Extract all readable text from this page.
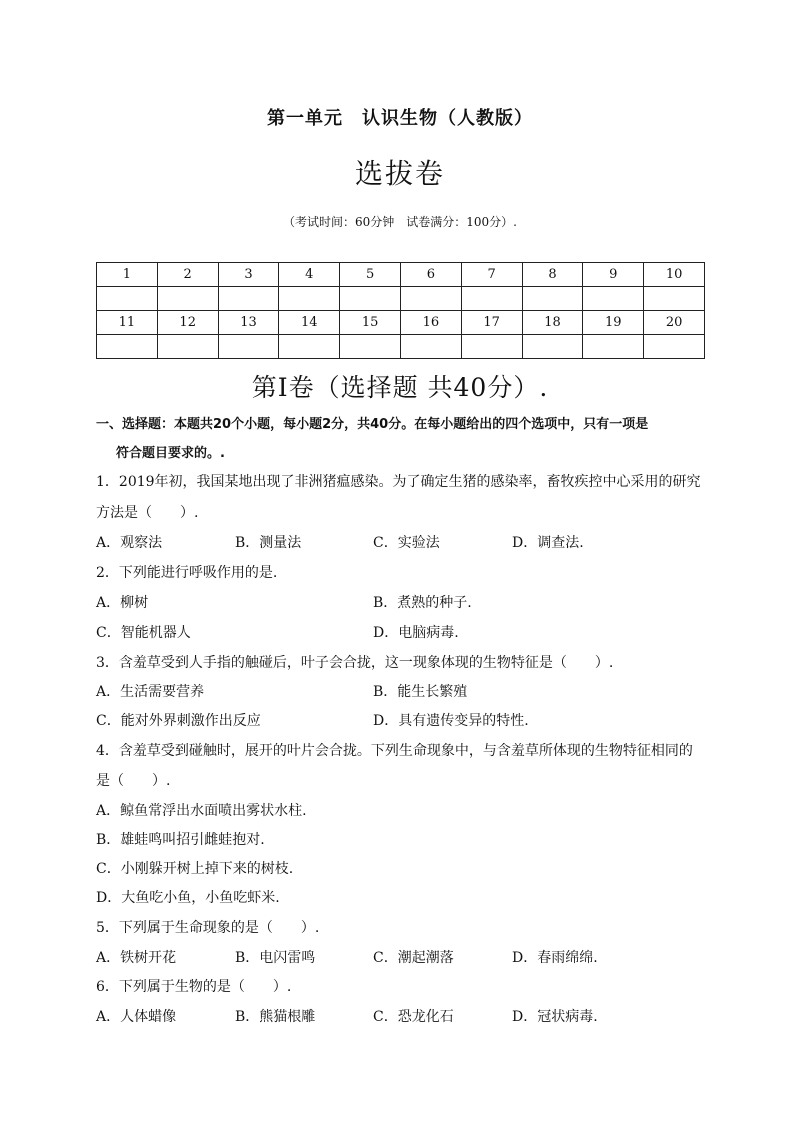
第一单元　认识生物（人教版）
选拔卷
（考试时间：60分钟　试卷满分：100分）.
1	2	3	4	5	6	7	8	9	10

11	12	13	14	15	16	17	18	19	20

第Ⅰ卷（选择题 共40分）.
一、选择题：本题共20个小题，每小题2分，共40分。在每小题给出的四个选项中，只有一项是
符合题目要求的。.
1．2019年初，我国某地出现了非洲猪瘟感染。为了确定生猪的感染率，畜牧疾控中心采用的研究
方法是（　　）.
A．观察法	B．测量法	C．实验法	D．调查法.
2．下列能进行呼吸作用的是.
A．柳树	B．煮熟的种子.
C．智能机器人	D．电脑病毒.
3．含羞草受到人手指的触碰后，叶子会合拢，这一现象体现的生物特征是（　　）.
A．生活需要营养	B．能生长繁殖
C．能对外界刺激作出反应	D．具有遗传变异的特性.
4．含羞草受到碰触时，展开的叶片会合拢。下列生命现象中，与含羞草所体现的生物特征相同的
是（　　）.
A．鲸鱼常浮出水面喷出雾状水柱.
B．雄蛙鸣叫招引雌蛙抱对.
C．小刚躲开树上掉下来的树枝.
D．大鱼吃小鱼，小鱼吃虾米.
5．下列属于生命现象的是（　　）.
A．铁树开花	B．电闪雷鸣	C．潮起潮落	D．春雨绵绵.
6．下列属于生物的是（　　）.
A．人体蜡像	B．熊猫根雕	C．恐龙化石	D．冠状病毒.
